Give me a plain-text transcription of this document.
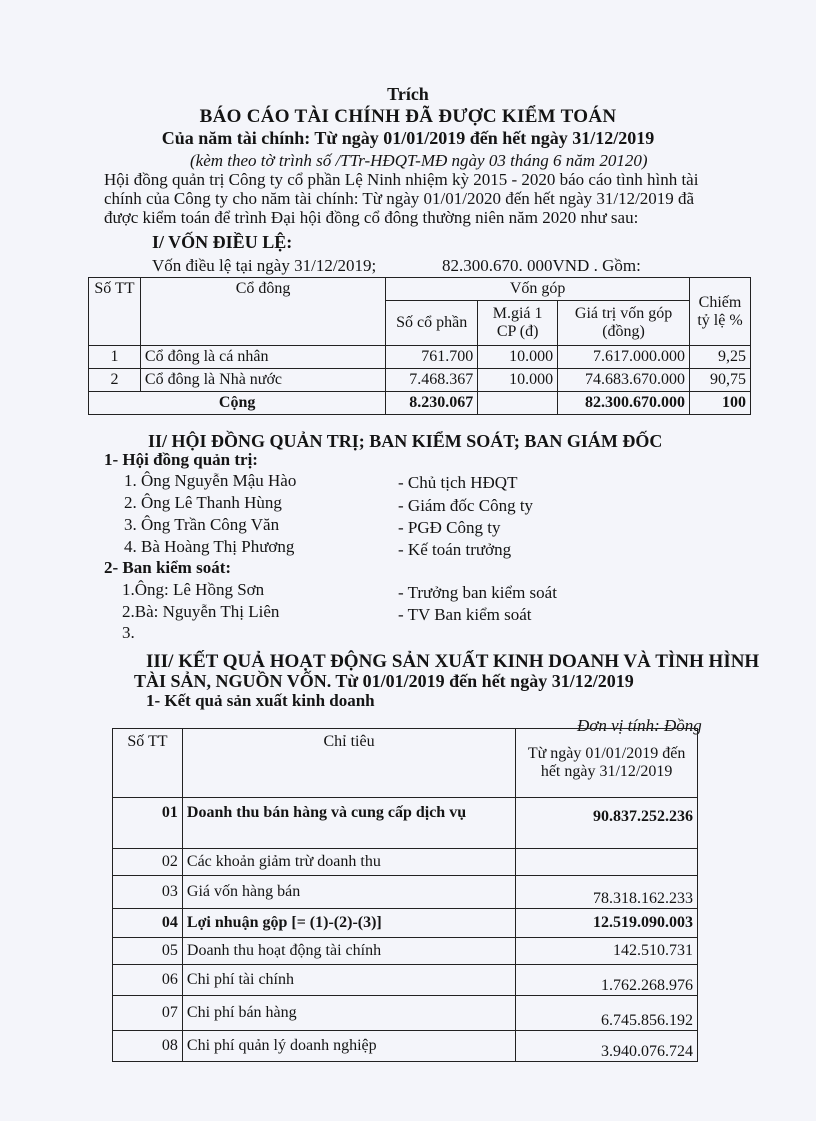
Trích
BÁO CÁO TÀI CHÍNH ĐÃ ĐƯỢC KIỂM TOÁN
Của năm tài chính: Từ ngày 01/01/2019 đến hết ngày 31/12/2019
(kèm theo tờ trình số /TTr-HĐQT-MĐ ngày 03 tháng 6 năm 20120)
Hội đồng quản trị Công ty cổ phần Lệ Ninh nhiệm kỳ 2015 - 2020 báo cáo tình hình tài
chính của Công ty cho năm tài chính: Từ ngày 01/01/2020 đến hết ngày 31/12/2019 đã
được kiểm toán để trình Đại hội đồng cổ đông thường niên năm 2020 như sau:
I/ VỐN ĐIỀU LỆ:
Vốn điều lệ tại ngày 31/12/2019;	82.300.670. 000VND . Gồm:
Số TT	Cổ đông	Vốn góp			Chiếm tỷ lệ %
		Số cổ phần	M.giá 1 CP (đ)	Giá trị vốn góp (đồng)	
1	Cổ đông là cá nhân	761.700	10.000	7.617.000.000	9,25
2	Cổ đông là Nhà nước	7.468.367	10.000	74.683.670.000	90,75
Cộng		8.230.067		82.300.670.000	100
II/ HỘI ĐỒNG QUẢN TRỊ; BAN KIỂM SOÁT; BAN GIÁM ĐỐC
1- Hội đồng quản trị:
1. Ông Nguyễn Mậu Hào	- Chủ tịch HĐQT
2. Ông Lê Thanh Hùng	- Giám đốc Công ty
3. Ông Trần Công Văn	- PGĐ Công ty
4. Bà Hoàng Thị Phương	- Kế toán trưởng
2- Ban kiểm soát:
1.Ông: Lê Hồng Sơn	- Trưởng ban kiểm soát
2.Bà: Nguyễn Thị Liên	- TV Ban kiểm soát
3.
III/ KẾT QUẢ HOẠT ĐỘNG SẢN XUẤT KINH DOANH VÀ TÌNH HÌNH
TÀI SẢN, NGUỒN VỐN. Từ 01/01/2019 đến hết ngày 31/12/2019
1- Kết quả sản xuất kinh doanh
Đơn vị tính: Đồng
Số TT	Chỉ tiêu	Từ ngày 01/01/2019 đến hết ngày 31/12/2019
01	Doanh thu bán hàng và cung cấp dịch vụ	90.837.252.236
02	Các khoản giảm trừ doanh thu	
03	Giá vốn hàng bán	78.318.162.233
04	Lợi nhuận gộp [= (1)-(2)-(3)]	12.519.090.003
05	Doanh thu hoạt động tài chính	142.510.731
06	Chi phí tài chính	1.762.268.976
07	Chi phí bán hàng	6.745.856.192
08	Chi phí quản lý doanh nghiệp	3.940.076.724
